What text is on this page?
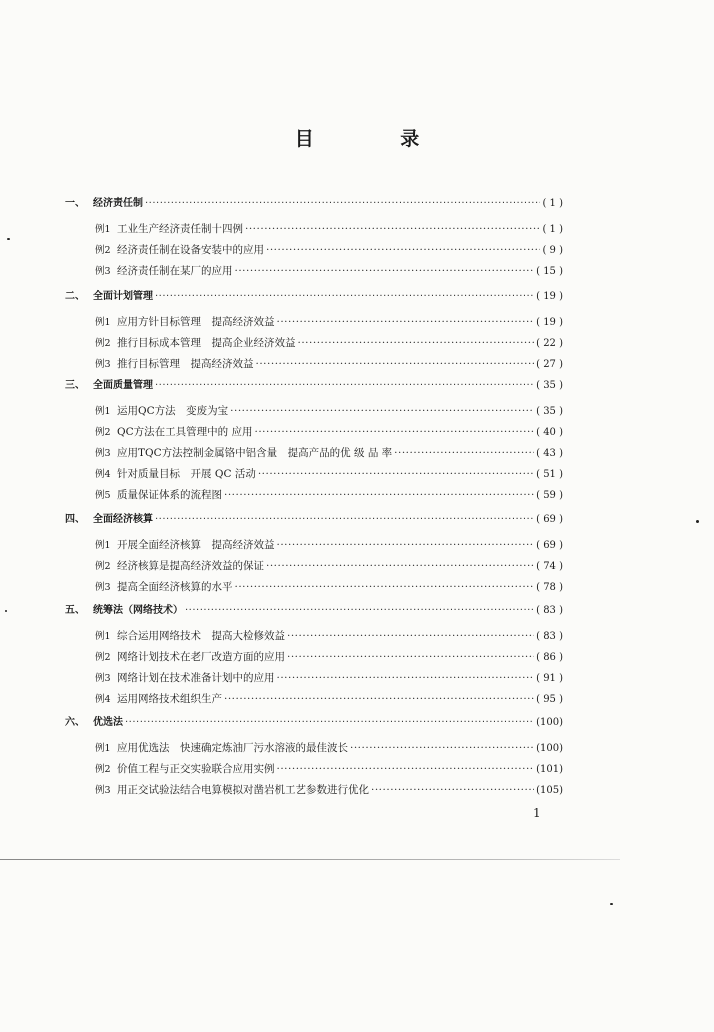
目 录
一、 经济责任制 ·····	( 1 )
例1 工业生产经济责任制十四例 ·····	( 1 )
例2 经济责任制在设备安装中的应用 ·····	( 9 )
例3 经济责任制在某厂的应用 ·····	( 15 )
二、 全面计划管理 ·····	( 19 )
例1 应用方针目标管理　提高经济效益 ·····	( 19 )
例2 推行目标成本管理　提高企业经济效益 ·····	( 22 )
例3 推行目标管理　提高经济效益 ·····	( 27 )
三、 全面质量管理 ·····	( 35 )
例1 运用QC方法　变废为宝 ·····	( 35 )
例2 QC方法在工具管理中的 应用 ·····	( 40 )
例3 应用TQC方法控制金属铬中铝含量　提高产品的优 级 品 率 ·····	( 43 )
例4 针对质量目标　开展 QC 活动 ·····	( 51 )
例5 质量保证体系的流程图 ·····	( 59 )
四、 全面经济核算 ·····	( 69 )
例1 开展全面经济核算　提高经济效益 ·····	( 69 )
例2 经济核算是提高经济效益的保证 ·····	( 74 )
例3 提高全面经济核算的水平 ·····	( 78 )
五、 统筹法（网络技术） ·····	( 83 )
例1 综合运用网络技术　提高大检修效益 ·····	( 83 )
例2 网络计划技术在老厂改造方面的应用 ·····	( 86 )
例3 网络计划在技术准备计划中的应用 ·····	( 91 )
例4 运用网络技术组织生产 ·····	( 95 )
六、 优选法 ·····	(100)
例1 应用优选法　快速确定炼油厂污水溶液的最佳波长 ·····	(100)
例2 价值工程与正交实验联合应用实例 ·····	(101)
例3 用正交试验法结合电算模拟对凿岩机工艺参数进行优化 ·····	(105)
1
